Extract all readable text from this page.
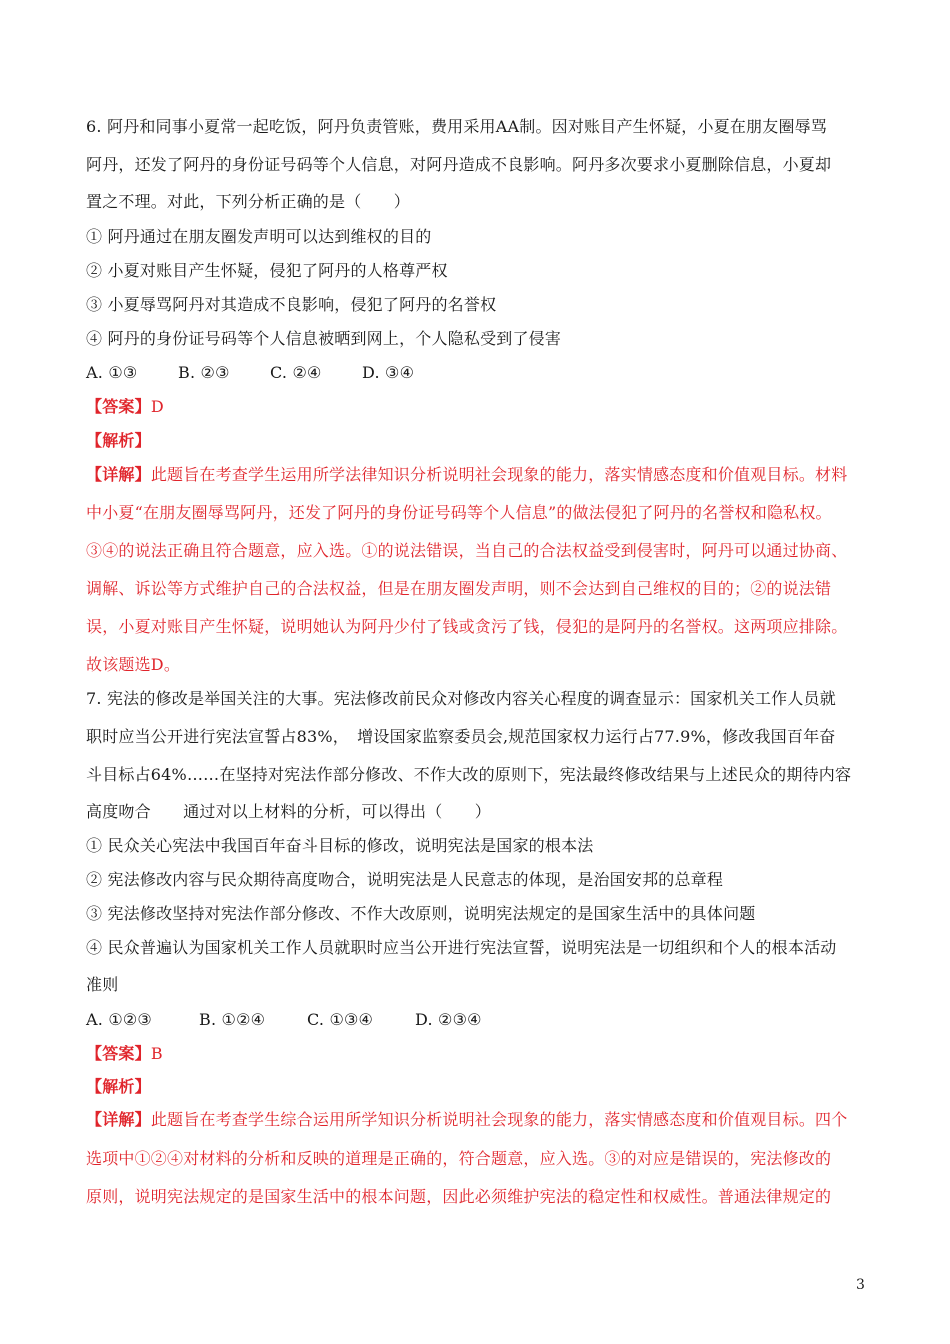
6. 阿丹和同事小夏常一起吃饭，阿丹负责管账，费用采用AA制。因对账目产生怀疑，小夏在朋友圈辱骂
阿丹，还发了阿丹的身份证号码等个人信息，对阿丹造成不良影响。阿丹多次要求小夏删除信息，小夏却
置之不理。对此，下列分析正确的是（　　）
① 阿丹通过在朋友圈发声明可以达到维权的目的
② 小夏对账目产生怀疑，侵犯了阿丹的人格尊严权
③ 小夏辱骂阿丹对其造成不良影响，侵犯了阿丹的名誉权
④ 阿丹的身份证号码等个人信息被晒到网上，个人隐私受到了侵害
A. ①③	B. ②③	C. ②④	D. ③④
【答案】D
【解析】
【详解】此题旨在考查学生运用所学法律知识分析说明社会现象的能力，落实情感态度和价值观目标。材料
中小夏“在朋友圈辱骂阿丹，还发了阿丹的身份证号码等个人信息”的做法侵犯了阿丹的名誉权和隐私权。
③④的说法正确且符合题意，应入选。①的说法错误，当自己的合法权益受到侵害时，阿丹可以通过协商、
调解、诉讼等方式维护自己的合法权益，但是在朋友圈发声明，则不会达到自己维权的目的；②的说法错
误，小夏对账目产生怀疑，说明她认为阿丹少付了钱或贪污了钱，侵犯的是阿丹的名誉权。这两项应排除。
故该题选D。
7. 宪法的修改是举国关注的大事。宪法修改前民众对修改内容关心程度的调查显示：国家机关工作人员就
职时应当公开进行宪法宣誓占83%，　增设国家监察委员会,规范国家权力运行占77.9%，修改我国百年奋
斗目标占64%……在坚持对宪法作部分修改、不作大改的原则下，宪法最终修改结果与上述民众的期待内容
高度吻合　　通过对以上材料的分析，可以得出（　　）
① 民众关心宪法中我国百年奋斗目标的修改，说明宪法是国家的根本法
② 宪法修改内容与民众期待高度吻合，说明宪法是人民意志的体现，是治国安邦的总章程
③ 宪法修改坚持对宪法作部分修改、不作大改原则，说明宪法规定的是国家生活中的具体问题
④ 民众普遍认为国家机关工作人员就职时应当公开进行宪法宣誓，说明宪法是一切组织和个人的根本活动
准则
A. ①②③	B. ①②④	C. ①③④	D. ②③④
【答案】B
【解析】
【详解】此题旨在考查学生综合运用所学知识分析说明社会现象的能力，落实情感态度和价值观目标。四个
选项中①②④对材料的分析和反映的道理是正确的，符合题意，应入选。③的对应是错误的，宪法修改的
原则，说明宪法规定的是国家生活中的根本问题，因此必须维护宪法的稳定性和权威性。普通法律规定的
3
